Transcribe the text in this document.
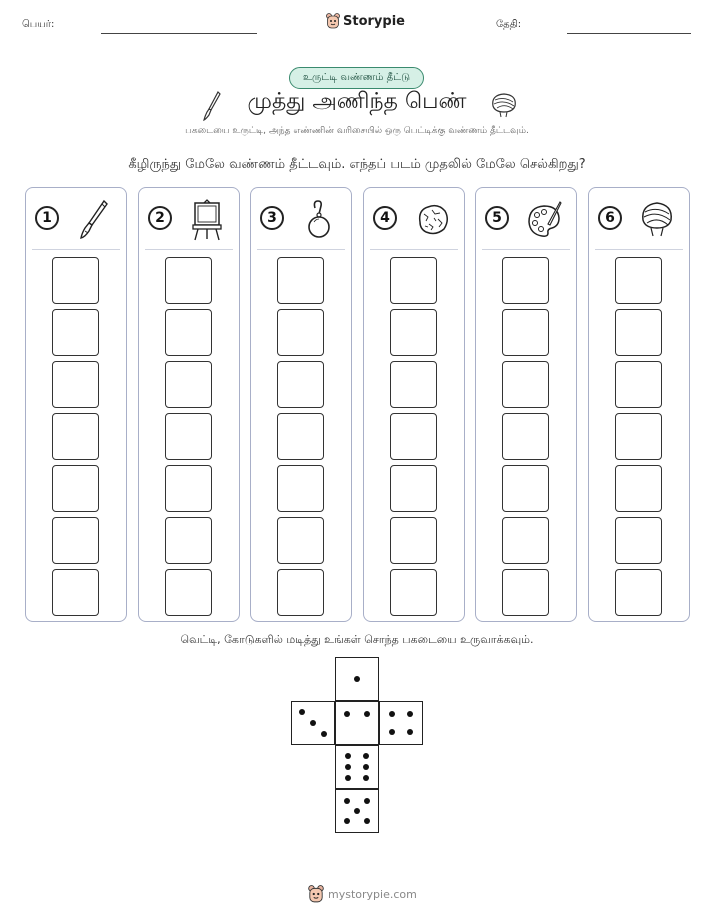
பெயர்:	Storypie	தேதி:
உருட்டி வண்ணம் தீட்டு
முத்து அணிந்த பெண்
பகடையை உருட்டி, அந்த எண்ணின் வரிசையில் ஒரு பெட்டிக்கு வண்ணம் தீட்டவும்.
கீழிருந்து மேலே வண்ணம் தீட்டவும். எந்தப் படம் முதலில் மேலே செல்கிறது?
1	2	3	4	5	6
வெட்டி, கோடுகளில் மடித்து உங்கள் சொந்த பகடையை உருவாக்கவும்.
mystorypie.com
